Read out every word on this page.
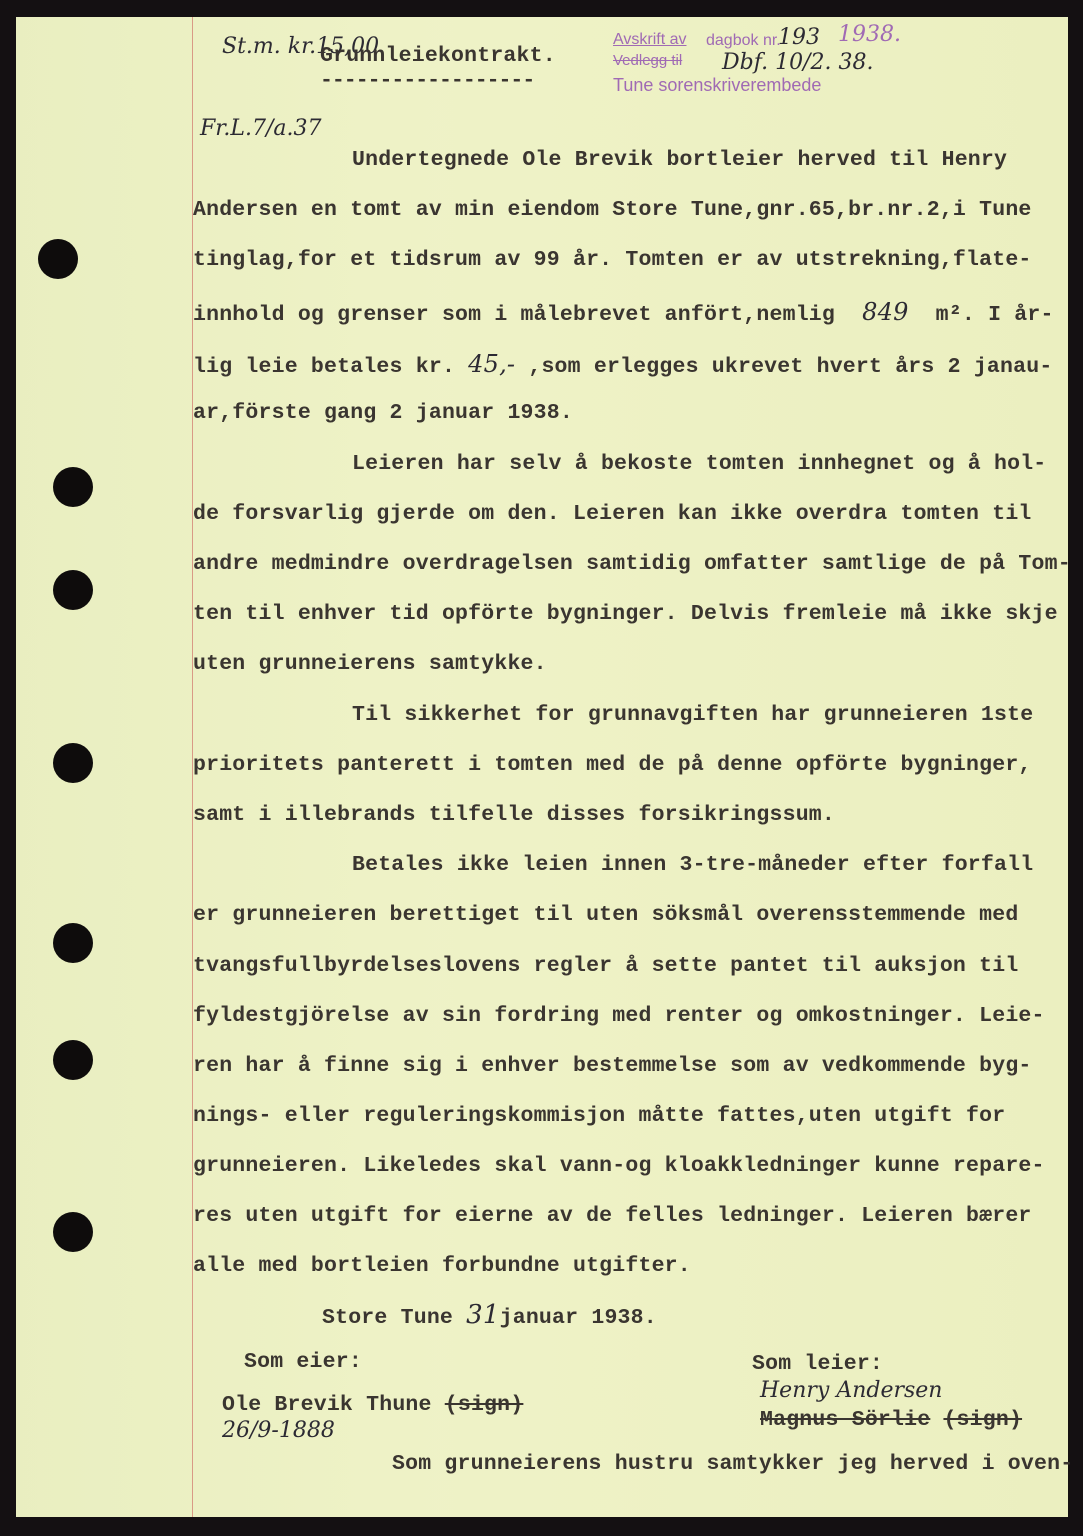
St.m. kr.15,00
Fr.L.7/a.37
Grunnleiekontrakt.
------------------
Avskrift av
Vedlegg til
dagbok nr.
193 1938.
Dbf. 10/2. 38.
Tune sorenskriverembede
Undertegnede Ole Brevik bortleier herved til Henry
Andersen en tomt av min eiendom Store Tune,gnr.65,br.nr.2,i Tune
tinglag,for et tidsrum av 99 år. Tomten er av utstrekning,flate-
innhold og grenser som i målebrevet anfört,nemlig 849 m². I år-
lig leie betales kr. 45,- ,som erlegges ukrevet hvert års 2 janau-
ar,förste gang 2 januar 1938.
Leieren har selv å bekoste tomten innhegnet og å hol-
de forsvarlig gjerde om den. Leieren kan ikke overdra tomten til
andre medmindre overdragelsen samtidig omfatter samtlige de på Tom-
ten til enhver tid opförte bygninger. Delvis fremleie må ikke skje
uten grunneierens samtykke.
Til sikkerhet for grunnavgiften har grunneieren 1ste
prioritets panterett i tomten med de på denne opförte bygninger,
samt i illebrands tilfelle disses forsikringssum.
Betales ikke leien innen 3-tre-måneder efter forfall
er grunneieren berettiget til uten söksmål overensstemmende med
tvangsfullbyrdelseslovens regler å sette pantet til auksjon til
fyldestgjörelse av sin fordring med renter og omkostninger. Leie-
ren har å finne sig i enhver bestemmelse som av vedkommende byg-
nings- eller reguleringskommisjon måtte fattes,uten utgift for
grunneieren. Likeledes skal vann-og kloakkledninger kunne repare-
res uten utgift for eierne av de felles ledninger. Leieren bærer
alle med bortleien forbundne utgifter.
Store Tune 31januar 1938.
Som eier:
Ole Brevik Thune (sign)
26/9-1888
Som leier:
Henry Andersen
Magnus Sörlie (sign)
Som grunneierens hustru samtykker jeg herved i oven-
